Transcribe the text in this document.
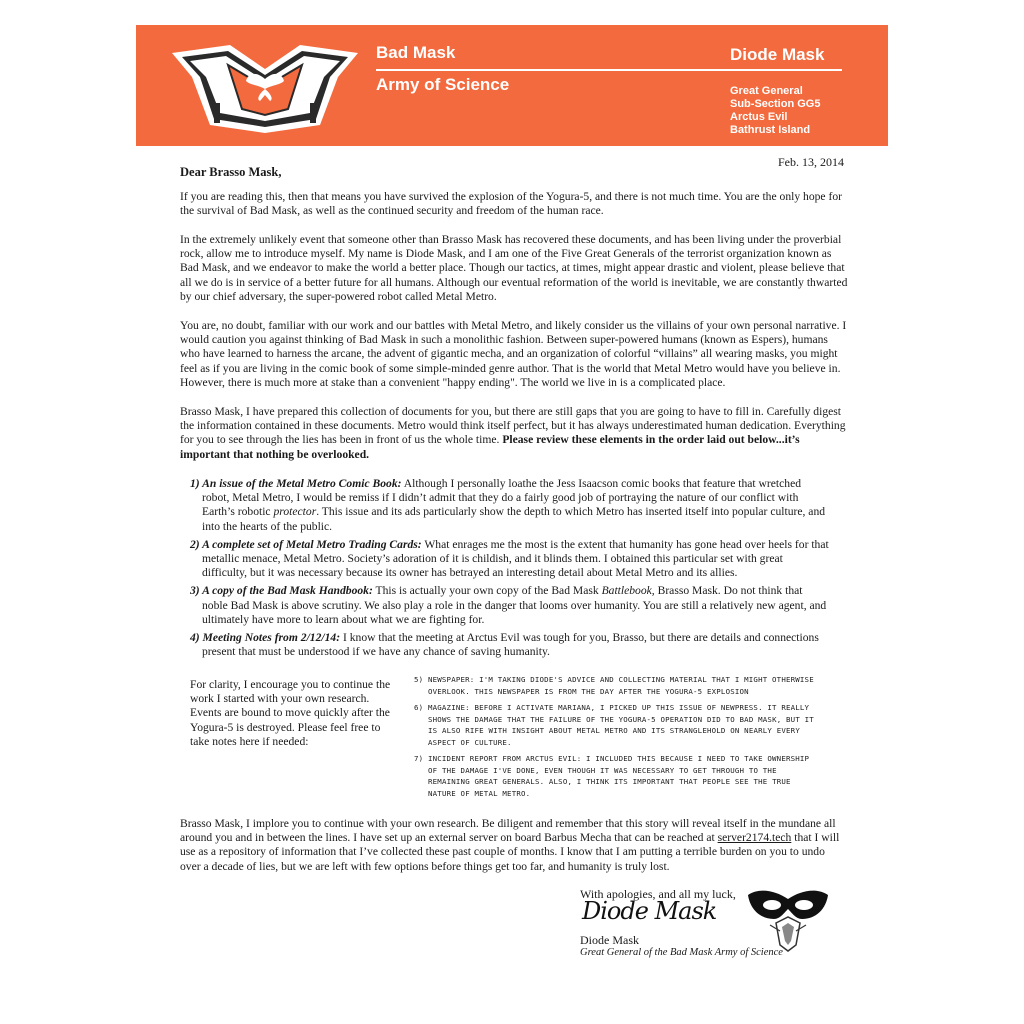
Bad Mask
Army of Science
Diode Mask
Great General
Sub-Section GG5
Arctus Evil
Bathrust Island
Feb. 13, 2014
Dear Brasso Mask,

If you are reading this, then that means you have survived the explosion of the Yogura-5, and there is not much time. You are the only hope for the survival of Bad Mask, as well as the continued security and freedom of the human race.

In the extremely unlikely event that someone other than Brasso Mask has recovered these documents, and has been living under the proverbial rock, allow me to introduce myself. My name is Diode Mask, and I am one of the Five Great Generals of the terrorist organization known as Bad Mask, and we endeavor to make the world a better place. Though our tactics, at times, might appear drastic and violent, please believe that all we do is in service of a better future for all humans. Although our eventual reformation of the world is inevitable, we are constantly thwarted by our chief adversary, the super-powered robot called Metal Metro.

You are, no doubt, familiar with our work and our battles with Metal Metro, and likely consider us the villains of your own personal narrative. I would caution you against thinking of Bad Mask in such a monolithic fashion. Between super-powered humans (known as Espers), humans who have learned to harness the arcane, the advent of gigantic mecha, and an organization of colorful “villains” all wearing masks, you might feel as if you are living in the comic book of some simple-minded genre author. That is the world that Metal Metro would have you believe in. However, there is much more at stake than a convenient "happy ending". The world we live in is a complicated place.

Brasso Mask, I have prepared this collection of documents for you, but there are still gaps that you are going to have to fill in. Carefully digest the information contained in these documents. Metro would think itself perfect, but it has always underestimated human dedication. Everything for you to see through the lies has been in front of us the whole time. Please review these elements in the order laid out below...it’s important that nothing be overlooked.

1) An issue of the Metal Metro Comic Book: Although I personally loathe the Jess Isaacson comic books that feature that wretched robot, Metal Metro, I would be remiss if I didn’t admit that they do a fairly good job of portraying the nature of our conflict with Earth’s robotic protector. This issue and its ads particularly show the depth to which Metro has inserted itself into popular culture, and into the hearts of the public.
2) A complete set of Metal Metro Trading Cards: What enrages me the most is the extent that humanity has gone head over heels for that metallic menace, Metal Metro. Society’s adoration of it is childish, and it blinds them. I obtained this particular set with great difficulty, but it was necessary because its owner has betrayed an interesting detail about Metal Metro and its allies.
3) A copy of the Bad Mask Handbook: This is actually your own copy of the Bad Mask Battlebook, Brasso Mask. Do not think that noble Bad Mask is above scrutiny. We also play a role in the danger that looms over humanity. You are still a relatively new agent, and ultimately have more to learn about what we are fighting for.
4) Meeting Notes from 2/12/14: I know that the meeting at Arctus Evil was tough for you, Brasso, but there are details and connections present that must be understood if we have any chance of saving humanity.
For clarity, I encourage you to continue the work I started with your own research. Events are bound to move quickly after the Yogura-5 is destroyed. Please feel free to take notes here if needed:
5) NEWSPAPER: I'M TAKING DIODE'S ADVICE AND COLLECTING MATERIAL THAT I MIGHT OTHERWISE OVERLOOK. THIS NEWSPAPER IS FROM THE DAY AFTER THE YOGURA-5 EXPLOSION
6) MAGAZINE: BEFORE I ACTIVATE MARIANA, I PICKED UP THIS ISSUE OF NEWPRESS. IT REALLY SHOWS THE DAMAGE THAT THE FAILURE OF THE YOGURA-5 OPERATION DID TO BAD MASK, BUT IT IS ALSO RIFE WITH INSIGHT ABOUT METAL METRO AND ITS STRANGLEHOLD ON NEARLY EVERY ASPECT OF CULTURE.
7) INCIDENT REPORT FROM ARCTUS EVIL: I INCLUDED THIS BECAUSE I NEED TO TAKE OWNERSHIP OF THE DAMAGE I'VE DONE, EVEN THOUGH IT WAS NECESSARY TO GET THROUGH TO THE REMAINING GREAT GENERALS. ALSO, I THINK ITS IMPORTANT THAT PEOPLE SEE THE TRUE NATURE OF METAL METRO.

Brasso Mask, I implore you to continue with your own research. Be diligent and remember that this story will reveal itself in the mundane all around you and in between the lines. I have set up an external server on board Barbus Mecha that can be reached at server2174.tech that I will use as a repository of information that I’ve collected these past couple of months. I know that I am putting a terrible burden on you to undo over a decade of lies, but we are left with few options before things get too far, and humanity is truly lost.

With apologies, and all my luck,
Diode Mask
Diode Mask
Great General of the Bad Mask Army of Science
